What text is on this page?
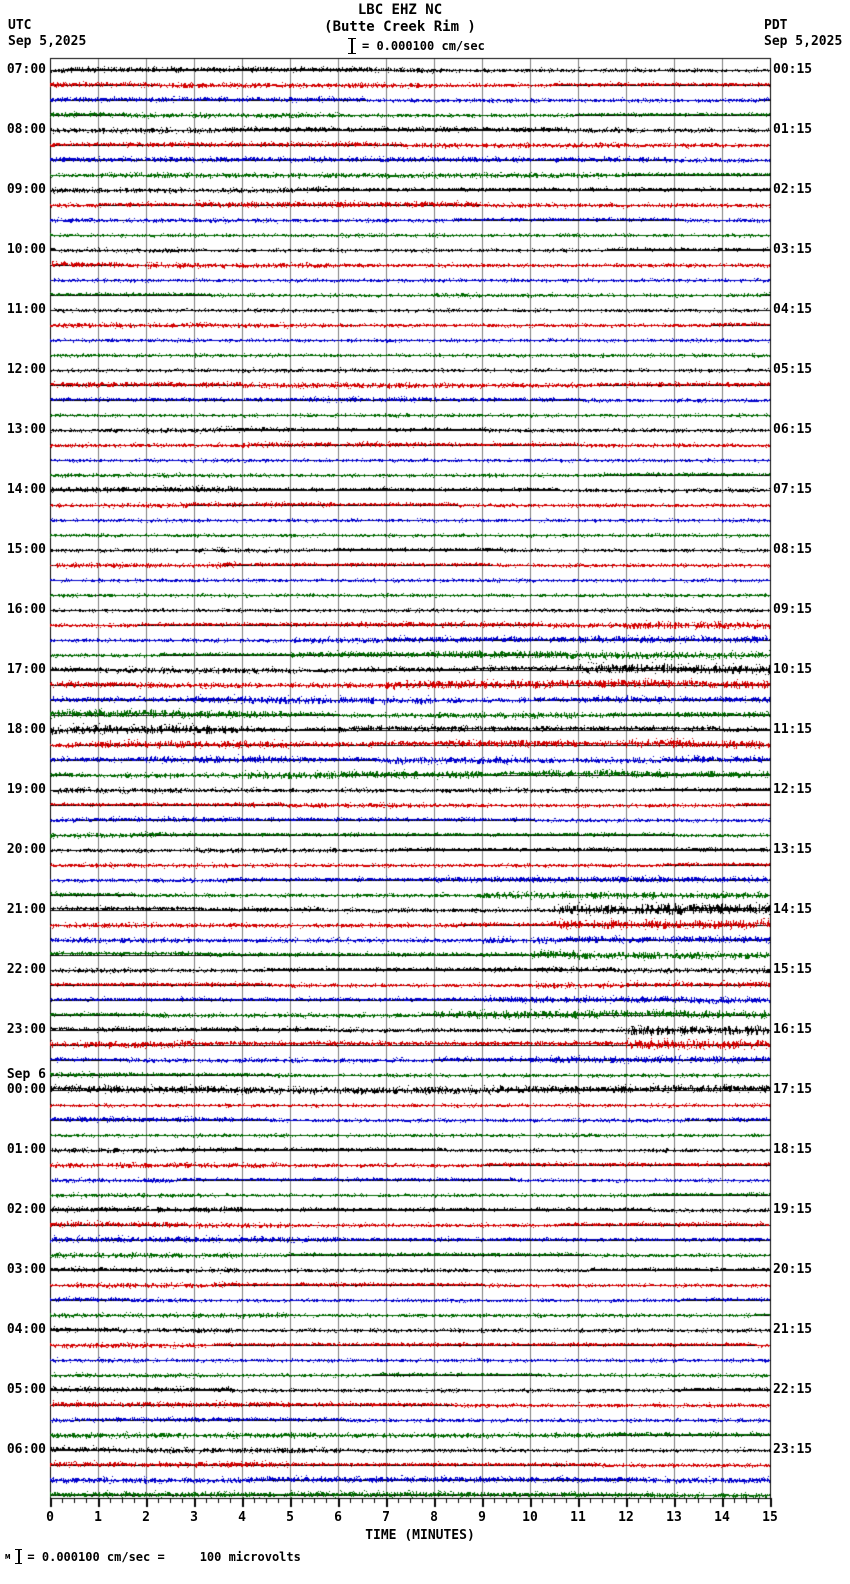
UTC
Sep 5,2025
PDT
Sep 5,2025
LBC EHZ NC
(Butte Creek Rim )
= 0.000100 cm/sec
07:00	00:15
08:00	01:15
09:00	02:15
10:00	03:15
11:00	04:15
12:00	05:15
13:00	06:15
14:00	07:15
15:00	08:15
16:00	09:15
17:00	10:15
18:00	11:15
19:00	12:15
20:00	13:15
21:00	14:15
22:00	15:15
23:00	16:15
Sep 6
00:00	17:15
01:00	18:15
02:00	19:15
03:00	20:15
04:00	21:15
05:00	22:15
06:00	23:15
0	1	2	3	4	5	6	7	8	9	10	11	12	13	14	15
TIME (MINUTES)
м = 0.000100 cm/sec =	100 microvolts
